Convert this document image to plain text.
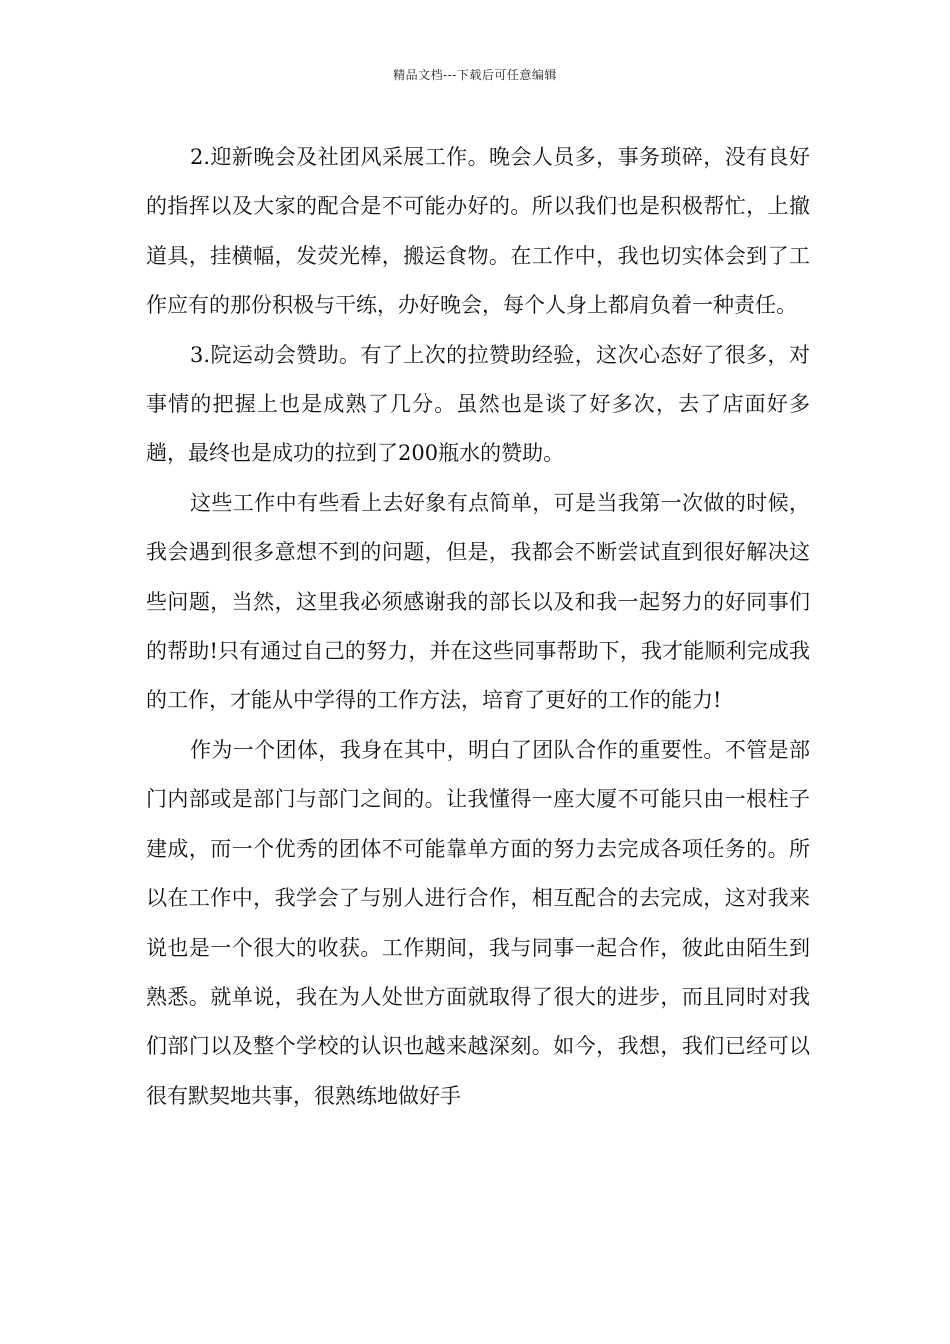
精品文档---下载后可任意编辑

2.迎新晚会及社团风采展工作。晚会人员多，事务琐碎，没有良好的指挥以及大家的配合是不可能办好的。所以我们也是积极帮忙，上撤道具，挂横幅，发荧光棒，搬运食物。在工作中，我也切实体会到了工作应有的那份积极与干练，办好晚会，每个人身上都肩负着一种责任。

3.院运动会赞助。有了上次的拉赞助经验，这次心态好了很多，对事情的把握上也是成熟了几分。虽然也是谈了好多次，去了店面好多趟，最终也是成功的拉到了200瓶水的赞助。

这些工作中有些看上去好象有点简单，可是当我第一次做的时候，我会遇到很多意想不到的问题，但是，我都会不断尝试直到很好解决这些问题，当然，这里我必须感谢我的部长以及和我一起努力的好同事们的帮助!只有通过自己的努力，并在这些同事帮助下，我才能顺利完成我的工作，才能从中学得的工作方法，培育了更好的工作的能力!

作为一个团体，我身在其中，明白了团队合作的重要性。不管是部门内部或是部门与部门之间的。让我懂得一座大厦不可能只由一根柱子建成，而一个优秀的团体不可能靠单方面的努力去完成各项任务的。所以在工作中，我学会了与别人进行合作，相互配合的去完成，这对我来说也是一个很大的收获。工作期间，我与同事一起合作，彼此由陌生到熟悉。就单说，我在为人处世方面就取得了很大的进步，而且同时对我们部门以及整个学校的认识也越来越深刻。如今，我想，我们已经可以很有默契地共事，很熟练地做好手
